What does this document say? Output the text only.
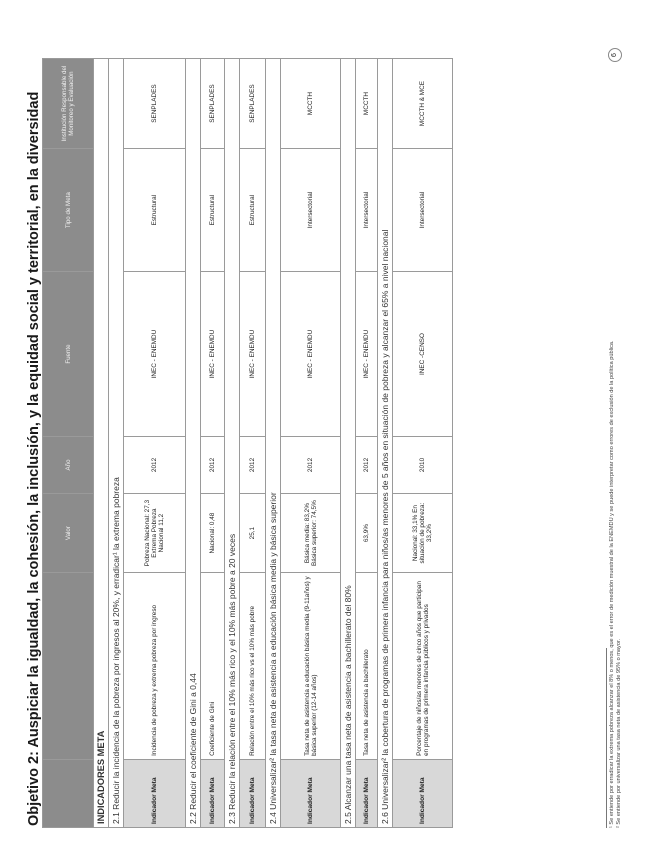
Objetivo 2: Auspiciar la igualdad, la cohesión, la inclusión, y la equidad social y territorial, en la diversidad
			Valor	Año	Fuente	Tipo de Meta	Institución Responsable del Monitoreo y Evaluación
INDICADORES META						
2.1 Reducir la incidencia de la pobreza por ingresos al 20%, y erradicar¹ la extrema pobreza						
Indicador Meta	Incidencia de pobreza y extrema pobreza por ingreso	Pobreza Nacional: 27,3 Extrema Pobreza Nacional 11,2	2012	INEC - ENEMDU	Estructural	SENPLADES
2.2 Reducir el coeficiente de Gini a 0,44						
Indicador Meta	Coeficiente de Gini	Nacional: 0,48	2012	INEC - ENEMDU	Estructural	SENPLADES
2.3 Reducir la relación entre el 10% más rico y el 10% más pobre a 20 veces						
Indicador Meta	Relación entre el 10% más rico vs el 10% más pobre	25,1	2012	INEC - ENEMDU	Estructural	SENPLADES
2.4 Universalizar² la tasa neta de asistencia a educación básica media y básica superior						
Indicador Meta	Tasa neta de asistencia a educación básica media (9-11años) y básica superior (12-14 años)	Básica media: 83,2% Básica superior: 74,5%	2012	INEC - ENEMDU	Intersectorial	MCCTH
2.5 Alcanzar una tasa neta de asistencia a bachillerato del 80%						
Indicador Meta	Tasa neta de asistencia a bachillerato	63,9%	2012	INEC - ENEMDU	Intersectorial	MCCTH
2.6 Universalizar² la cobertura de programas de primera infancia para niños/as menores de 5 años en situación de pobreza y alcanzar el 65% a nivel nacional						
Indicador Meta	Porcentaje de niños/as menores de cinco años que participan en programas de primera infancia públicos y privados	Nacional: 33,1% En situación de pobreza: 33,2%	2010	INEC -CENSO	Intersectorial	MCCTH & MCE
¹ Se entiende por erradicar la extrema pobreza alcanzar el 8% o menos, que es el error de medición muestral de la ENEMDU y se puede interpretar como errores de exclusión de la política pública. ² Se entiende por universalizar una tasa neta de asistencia de 95% o mayor.
6
